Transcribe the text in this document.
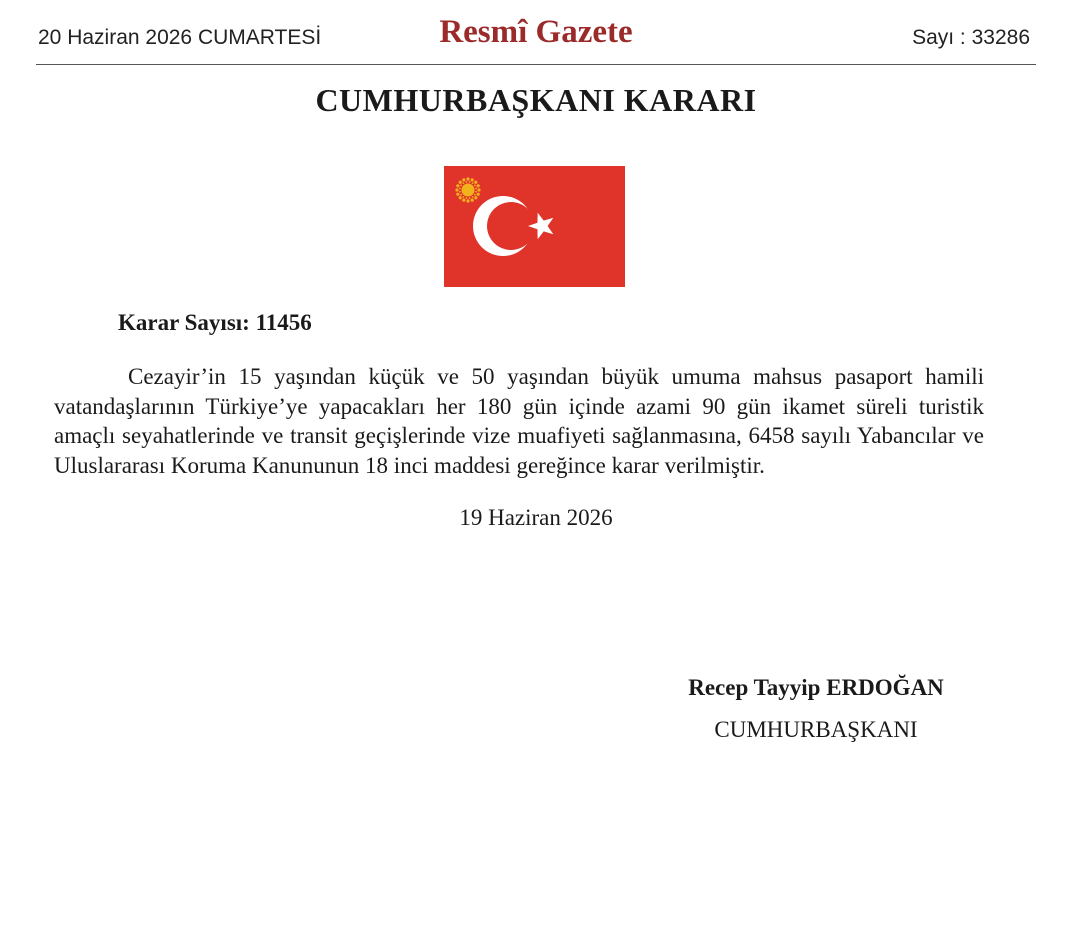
20 Haziran 2026 CUMARTESİ	Resmî Gazete	Sayı : 33286
CUMHURBAŞKANI KARARI
Karar Sayısı: 11456

Cezayir’in 15 yaşından küçük ve 50 yaşından büyük umuma mahsus pasaport hamili vatandaşlarının Türkiye’ye yapacakları her 180 gün içinde azami 90 gün ikamet süreli turistik amaçlı seyahatlerinde ve transit geçişlerinde vize muafiyeti sağlanmasına, 6458 sayılı Yabancılar ve Uluslararası Koruma Kanununun 18 inci maddesi gereğince karar verilmiştir.

19 Haziran 2026
Recep Tayyip ERDOĞAN
CUMHURBAŞKANI
